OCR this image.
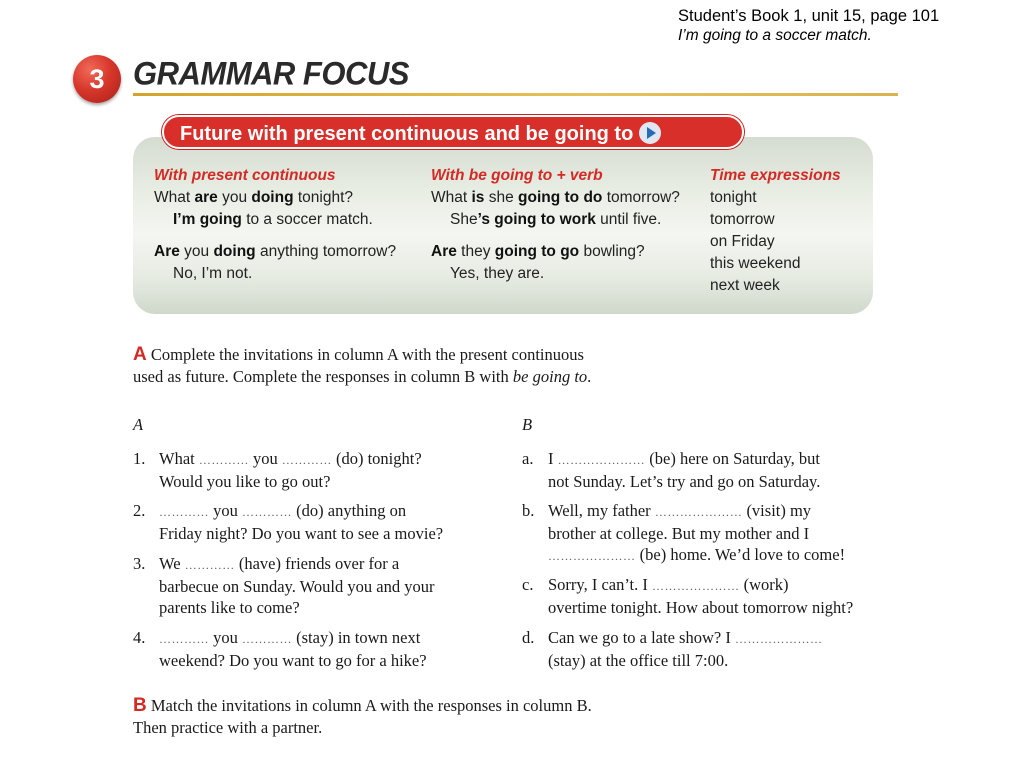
Student’s Book 1, unit 15, page 101
I’m going to a soccer match.
3 GRAMMAR FOCUS
Future with present continuous and be going to
With present continuous
What are you doing tonight?
I’m going to a soccer match.
Are you doing anything tomorrow?
No, I’m not.
With be going to + verb
What is she going to do tomorrow?
She’s going to work until five.
Are they going to go bowling?
Yes, they are.
Time expressions
tonight
tomorrow
on Friday
this weekend
next week
A Complete the invitations in column A with the present continuous
used as future. Complete the responses in column B with be going to.
A	B
1. What ………… you ………… (do) tonight?
Would you like to go out?
2. ………… you ………… (do) anything on
Friday night? Do you want to see a movie?
3. We ………… (have) friends over for a
barbecue on Sunday. Would you and your
parents like to come?
4. ………… you ………… (stay) in town next
weekend? Do you want to go for a hike?
a. I ………………… (be) here on Saturday, but
not Sunday. Let’s try and go on Saturday.
b. Well, my father ………………… (visit) my
brother at college. But my mother and I
………………… (be) home. We’d love to come!
c. Sorry, I can’t. I ………………… (work)
overtime tonight. How about tomorrow night?
d. Can we go to a late show? I …………………
(stay) at the office till 7:00.
B Match the invitations in column A with the responses in column B.
Then practice with a partner.
